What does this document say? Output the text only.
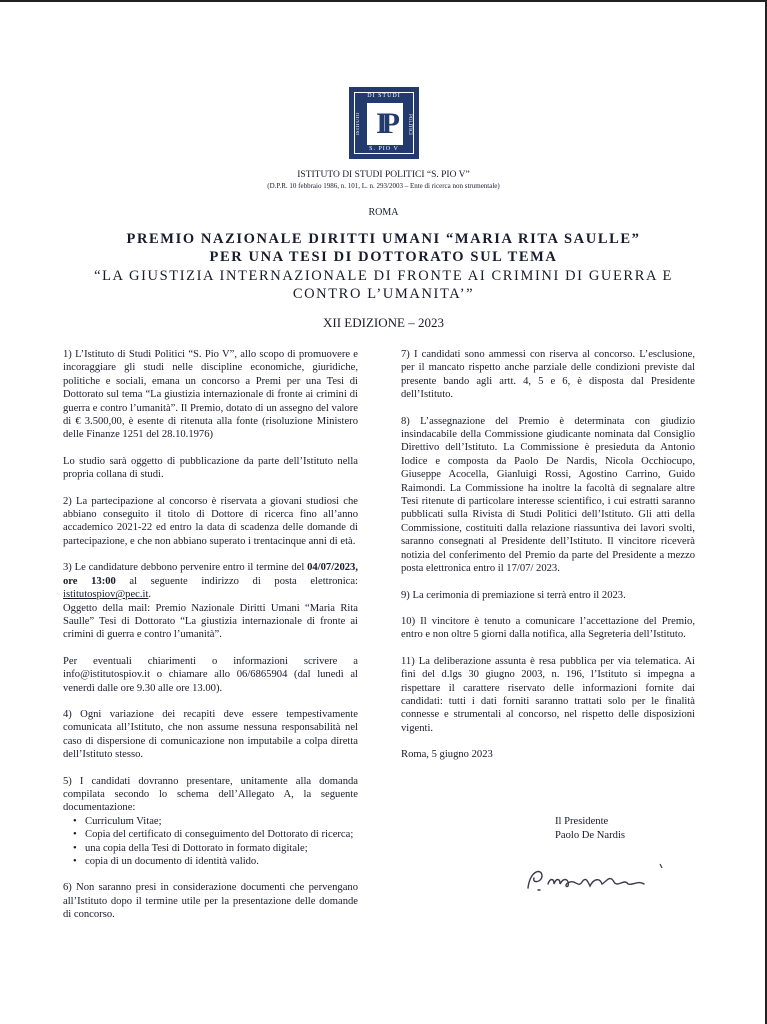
DI STUDI
ISTITUTO	POLITICI
IP
S. PIO V
ISTITUTO DI STUDI POLITICI “S. PIO V”
(D.P.R. 10 febbraio 1986, n. 101, L. n. 293/2003 – Ente di ricerca non strumentale)
ROMA
PREMIO NAZIONALE DIRITTI UMANI “MARIA RITA SAULLE”
PER UNA TESI DI DOTTORATO SUL TEMA
“LA GIUSTIZIA INTERNAZIONALE DI FRONTE AI CRIMINI DI GUERRA E
CONTRO L’UMANITA’”
XII EDIZIONE – 2023

1) L’Istituto di Studi Politici “S. Pio V”, allo scopo di promuovere e incoraggiare gli studi nelle discipline economiche, giuridiche, politiche e sociali, emana un concorso a Premi per una Tesi di Dottorato sul tema “La giustizia internazionale di fronte ai crimini di guerra e contro l’umanità”. Il Premio, dotato di un assegno del valore di € 3.500,00, è esente di ritenuta alla fonte (risoluzione Ministero delle Finanze 1251 del 28.10.1976)

Lo studio sarà oggetto di pubblicazione da parte dell’Istituto nella propria collana di studi.

2) La partecipazione al concorso è riservata a giovani studiosi che abbiano conseguito il titolo di Dottore di ricerca fino all’anno accademico 2021-22 ed entro la data di scadenza delle domande di partecipazione, e che non abbiano superato i trentacinque anni di età.

3) Le candidature debbono pervenire entro il termine del 04/07/2023, ore 13:00 al seguente indirizzo di posta elettronica: istitutospiov@pec.it.

Oggetto della mail: Premio Nazionale Diritti Umani “Maria Rita Saulle” Tesi di Dottorato “La giustizia internazionale di fronte ai crimini di guerra e contro l’umanità”.

Per eventuali chiarimenti o informazioni scrivere a info@istitutospiov.it o chiamare allo 06/6865904 (dal lunedì al venerdì dalle ore 9.30 alle ore 13.00).

4) Ogni variazione dei recapiti deve essere tempestivamente comunicata all’Istituto, che non assume nessuna responsabilità nel caso di dispersione di comunicazione non imputabile a colpa diretta dell’Istituto stesso.

5) I candidati dovranno presentare, unitamente alla domanda compilata secondo lo schema dell’Allegato A, la seguente documentazione:

• Curriculum Vitae;
• Copia del certificato di conseguimento del Dottorato di ricerca;
• una copia della Tesi di Dottorato in formato digitale;
• copia di un documento di identità valido.

6) Non saranno presi in considerazione documenti che pervengano all’Istituto dopo il termine utile per la presentazione delle domande di concorso.

7) I candidati sono ammessi con riserva al concorso. L’esclusione, per il mancato rispetto anche parziale delle condizioni previste dal presente bando agli artt. 4, 5 e 6, è disposta dal Presidente dell’Istituto.

8) L’assegnazione del Premio è determinata con giudizio insindacabile della Commissione giudicante nominata dal Consiglio Direttivo dell’Istituto. La Commissione è presieduta da Antonio Iodice e composta da Paolo De Nardis, Nicola Occhiocupo, Giuseppe Acocella, Gianluigi Rossi, Agostino Carrino, Guido Raimondi. La Commissione ha inoltre la facoltà di segnalare altre Tesi ritenute di particolare interesse scientifico, i cui estratti saranno pubblicati sulla Rivista di Studi Politici dell’Istituto. Gli atti della Commissione, costituiti dalla relazione riassuntiva dei lavori svolti, saranno consegnati al Presidente dell’Istituto. Il vincitore riceverà notizia del conferimento del Premio da parte del Presidente a mezzo posta elettronica entro il 17/07/ 2023.

9) La cerimonia di premiazione si terrà entro il 2023.

10) Il vincitore è tenuto a comunicare l’accettazione del Premio, entro e non oltre 5 giorni dalla notifica, alla Segreteria dell’Istituto.

11) La deliberazione assunta è resa pubblica per via telematica. Ai fini del d.lgs 30 giugno 2003, n. 196, l’Istituto si impegna a rispettare il carattere riservato delle informazioni fornite dai candidati: tutti i dati forniti saranno trattati solo per le finalità connesse e strumentali al concorso, nel rispetto delle disposizioni vigenti.

Roma, 5 giugno 2023

Il Presidente
Paolo De Nardis
